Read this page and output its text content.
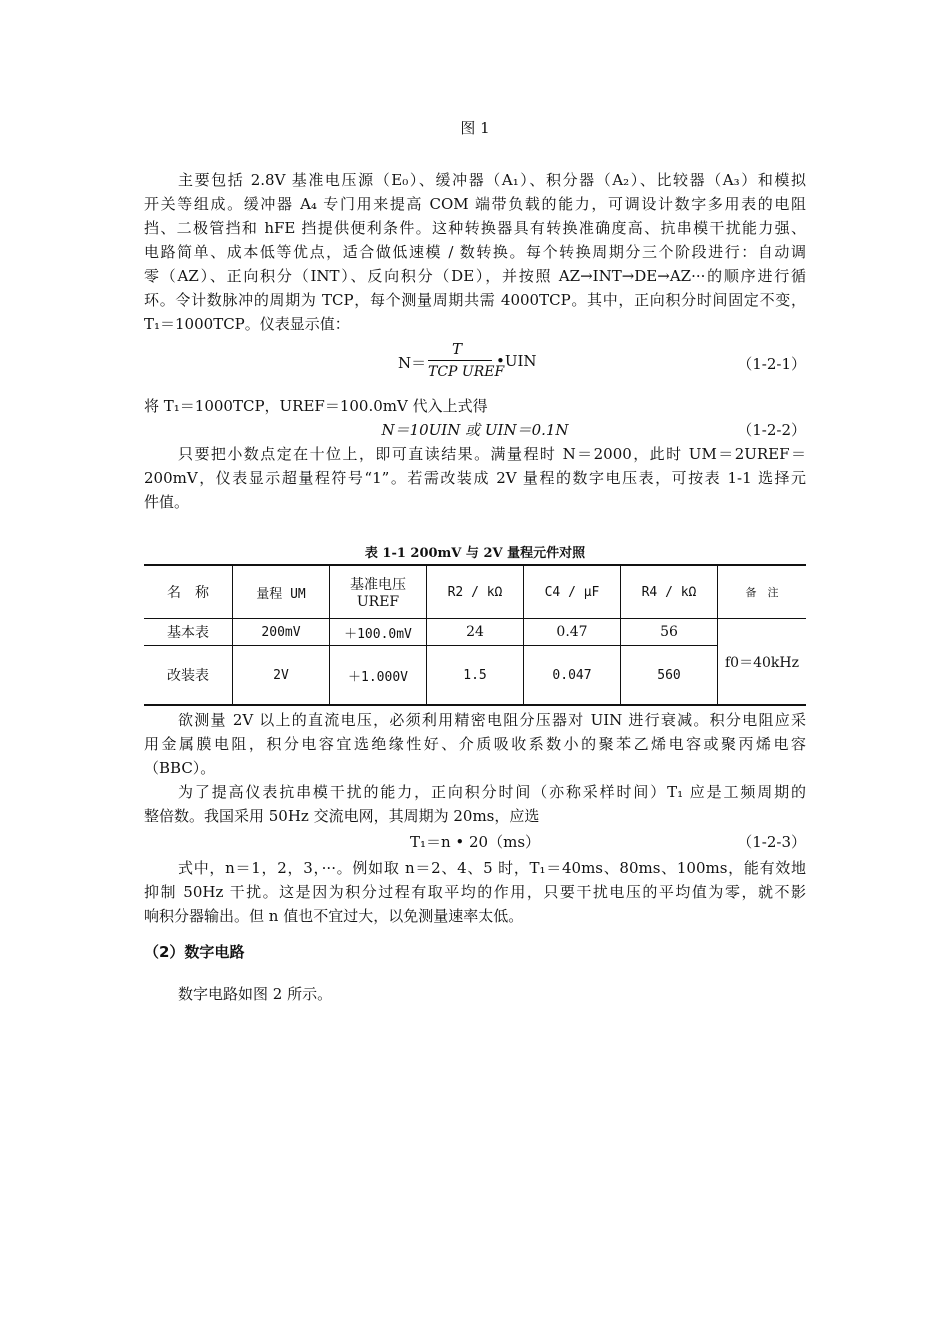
图 1
主要包括 2.8V 基准电压源（E₀）、缓冲器（A₁）、积分器（A₂）、比较器（A₃）和模拟
开关等组成。缓冲器 A₄ 专门用来提高 COM 端带负载的能力，可调设计数字多用表的电阻
挡、二极管挡和 hFE 挡提供便利条件。这种转换器具有转换准确度高、抗串模干扰能力强、
电路简单、成本低等优点，适合做低速模 / 数转换。每个转换周期分三个阶段进行：自动调
零（AZ）、正向积分（INT）、反向积分（DE），并按照 AZ→INT→DE→AZ···的顺序进行循
环。令计数脉冲的周期为 TCP，每个测量周期共需 4000TCP。其中，正向积分时间固定不变，
T₁＝1000TCP。仪表显示值：
N＝
T
TCP UREF
•UIN	（1-2-1）
将 T₁＝1000TCP，UREF＝100.0mV 代入上式得
N＝10UIN 或 UIN＝0.1N	（1-2-2）
只要把小数点定在十位上，即可直读结果。满量程时 N＝2000，此时 UM＝2UREF＝
200mV，仪表显示超量程符号“1”。若需改装成 2V 量程的数字电压表，可按表 1-1 选择元
件值。
表 1-1 200mV 与 2V 量程元件对照
名　称	量程 UM	基准电压 UREF	R2 / kΩ	C4 / μF	R4 / kΩ	备　注
基本表	200mV	＋100.0mV	24	0.47	56	f0＝40kHz
改装表	2V	＋1.000V	1.5	0.047	560	
欲测量 2V 以上的直流电压，必须利用精密电阻分压器对 UIN 进行衰减。积分电阻应采
用金属膜电阻，积分电容宜选绝缘性好、介质吸收系数小的聚苯乙烯电容或聚丙烯电容
（BBC）。
为了提高仪表抗串模干扰的能力，正向积分时间（亦称采样时间）T₁ 应是工频周期的
整倍数。我国采用 50Hz 交流电网，其周期为 20ms，应选
T₁＝n • 20（ms）	（1-2-3）
式中，n＝1，2，3，···。例如取 n＝2、4、5 时，T₁＝40ms、80ms、100ms，能有效地
抑制 50Hz 干扰。这是因为积分过程有取平均的作用，只要干扰电压的平均值为零，就不影
响积分器输出。但 n 值也不宜过大，以免测量速率太低。
（2）数字电路
数字电路如图 2 所示。
